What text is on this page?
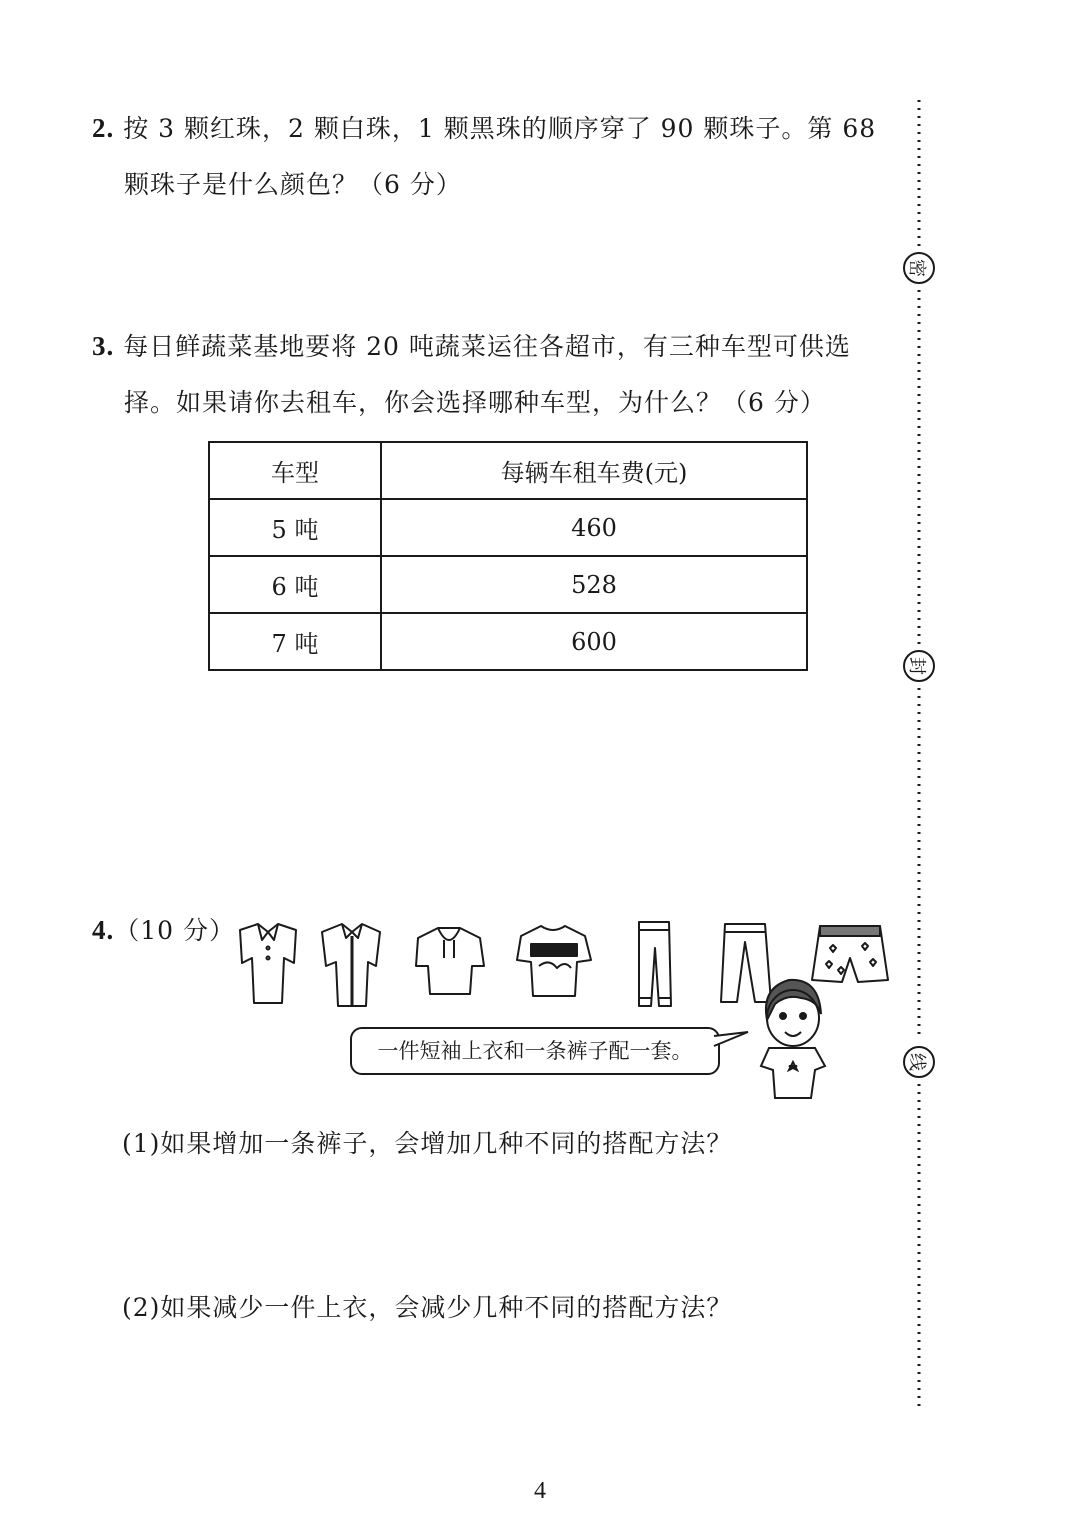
2. 按 3 颗红珠，2 颗白珠，1 颗黑珠的顺序穿了 90 颗珠子。第 68
颗珠子是什么颜色？（6 分）
3. 每日鲜蔬菜基地要将 20 吨蔬菜运往各超市，有三种车型可供选
择。如果请你去租车，你会选择哪种车型，为什么？（6 分）
车型	每辆车租车费(元)
5 吨	460
6 吨	528
7 吨	600
4.（10 分）
一件短袖上衣和一条裤子配一套。
(1)如果增加一条裤子，会增加几种不同的搭配方法？
(2)如果减少一件上衣，会减少几种不同的搭配方法？
密
封
线
4
